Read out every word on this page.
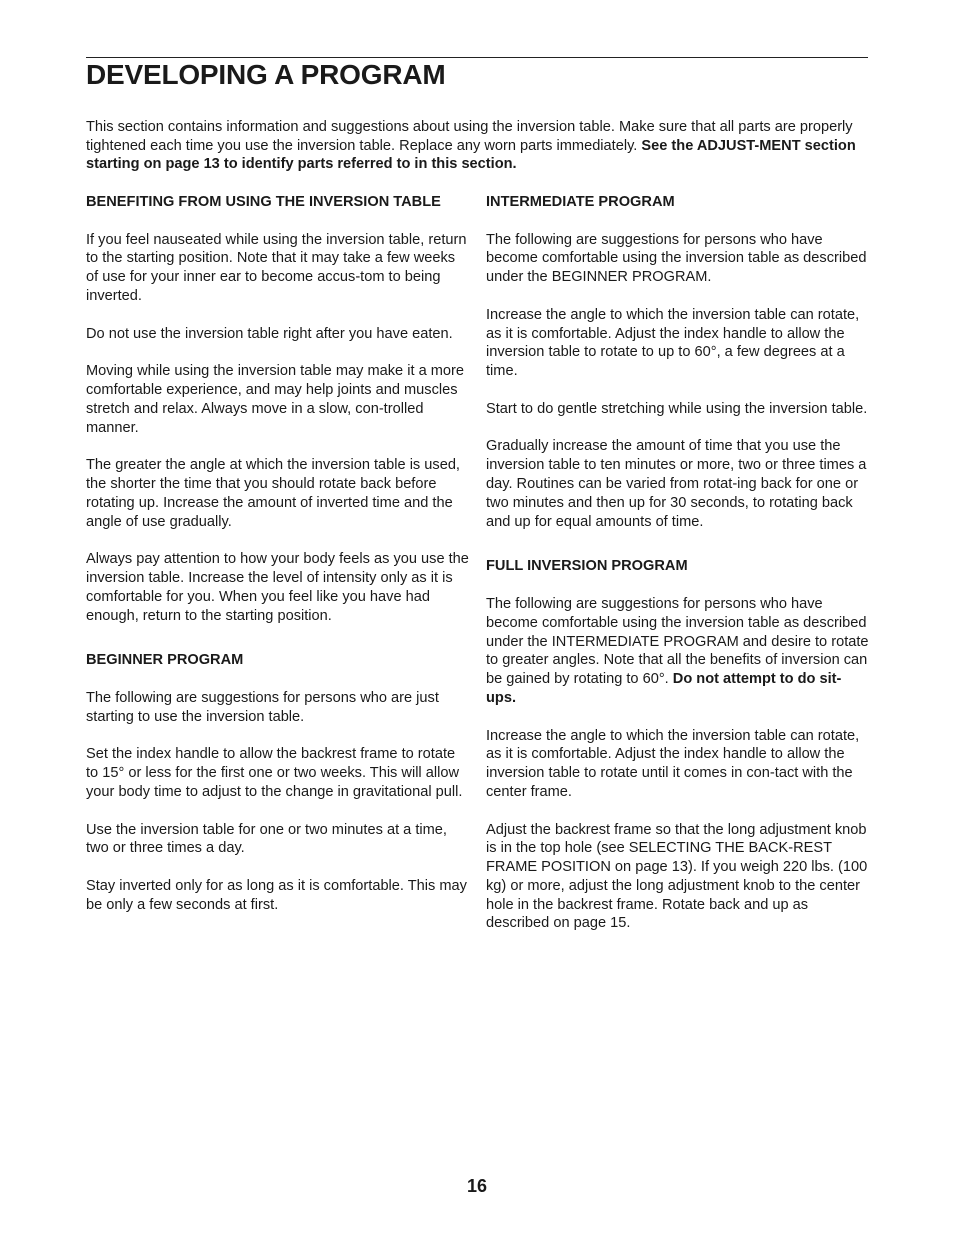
DEVELOPING A PROGRAM

This section contains information and suggestions about using the inversion table. Make sure that all parts are properly tightened each time you use the inversion table. Replace any worn parts immediately. See the ADJUST-MENT section starting on page 13 to identify parts referred to in this section.

BENEFITING FROM USING THE INVERSION TABLE

If you feel nauseated while using the inversion table, return to the starting position. Note that it may take a few weeks of use for your inner ear to become accus-tom to being inverted.

Do not use the inversion table right after you have eaten.

Moving while using the inversion table may make it a more comfortable experience, and may help joints and muscles stretch and relax. Always move in a slow, con-trolled manner.

The greater the angle at which the inversion table is used, the shorter the time that you should rotate back before rotating up. Increase the amount of inverted time and the angle of use gradually.

Always pay attention to how your body feels as you use the inversion table. Increase the level of intensity only as it is comfortable for you. When you feel like you have had enough, return to the starting position.

BEGINNER PROGRAM

The following are suggestions for persons who are just starting to use the inversion table.

Set the index handle to allow the backrest frame to rotate to 15° or less for the first one or two weeks. This will allow your body time to adjust to the change in gravitational pull.

Use the inversion table for one or two minutes at a time, two or three times a day.

Stay inverted only for as long as it is comfortable. This may be only a few seconds at first.

INTERMEDIATE PROGRAM

The following are suggestions for persons who have become comfortable using the inversion table as described under the BEGINNER PROGRAM.

Increase the angle to which the inversion table can rotate, as it is comfortable. Adjust the index handle to allow the inversion table to rotate to up to 60°, a few degrees at a time.

Start to do gentle stretching while using the inversion table.

Gradually increase the amount of time that you use the inversion table to ten minutes or more, two or three times a day. Routines can be varied from rotat-ing back for one or two minutes and then up for 30 seconds, to rotating back and up for equal amounts of time.

FULL INVERSION PROGRAM

The following are suggestions for persons who have become comfortable using the inversion table as described under the INTERMEDIATE PROGRAM and desire to rotate to greater angles. Note that all the benefits of inversion can be gained by rotating to 60°. Do not attempt to do sit-ups.

Increase the angle to which the inversion table can rotate, as it is comfortable. Adjust the index handle to allow the inversion table to rotate until it comes in con-tact with the center frame.

Adjust the backrest frame so that the long adjustment knob is in the top hole (see SELECTING THE BACK-REST FRAME POSITION on page 13). If you weigh 220 lbs. (100 kg) or more, adjust the long adjustment knob to the center hole in the backrest frame. Rotate back and up as described on page 15.

16
